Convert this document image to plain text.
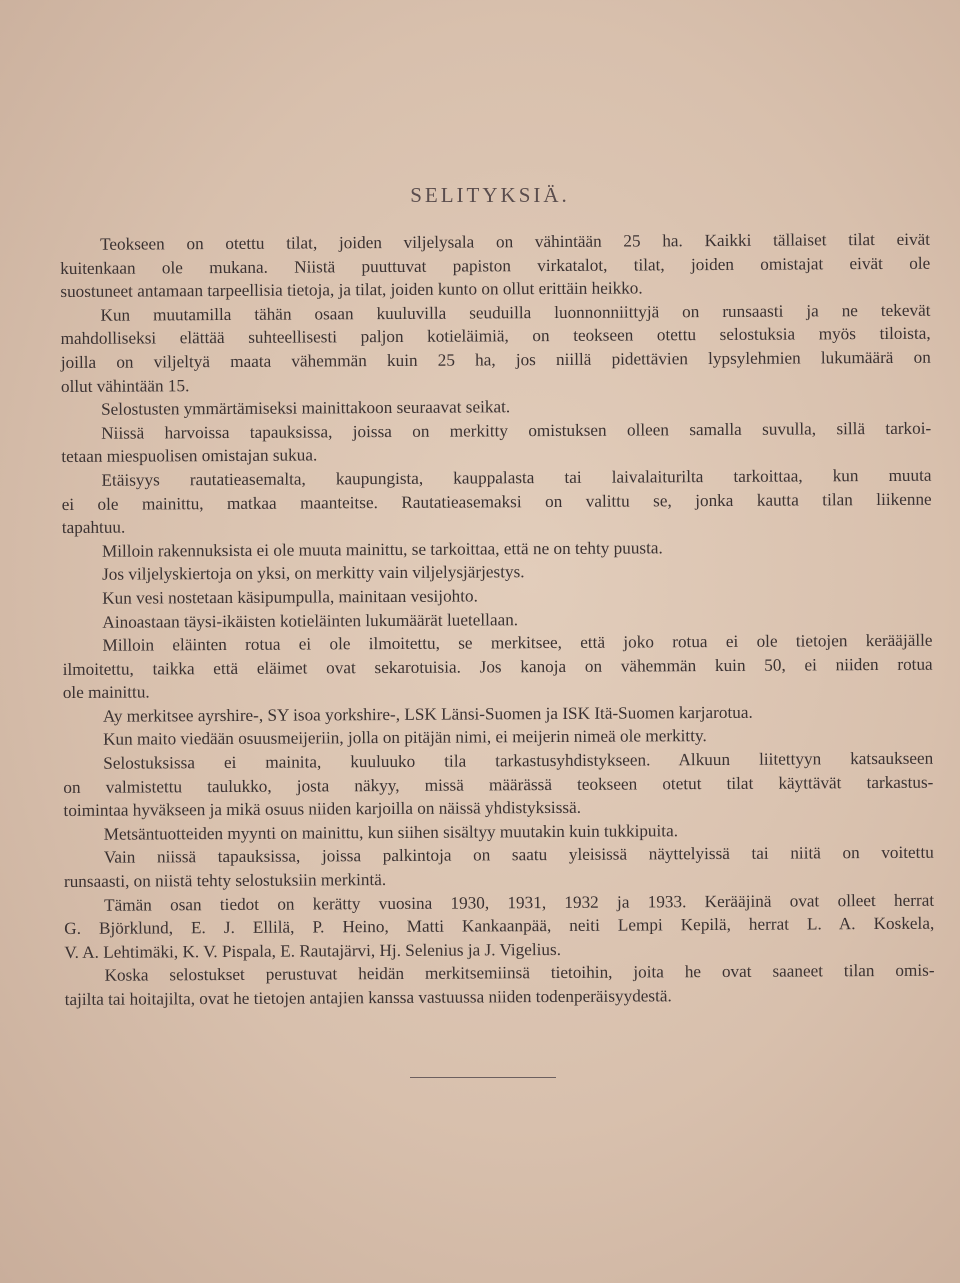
SELITYKSIÄ.
Teokseen on otettu tilat, joiden viljelysala on vähintään 25 ha. Kaikki tällaiset tilat eivät
kuitenkaan ole mukana. Niistä puuttuvat papiston virkatalot, tilat, joiden omistajat eivät ole
suostuneet antamaan tarpeellisia tietoja, ja tilat, joiden kunto on ollut erittäin heikko.
Kun muutamilla tähän osaan kuuluvilla seuduilla luonnonniittyjä on runsaasti ja ne tekevät
mahdolliseksi elättää suhteellisesti paljon kotieläimiä, on teokseen otettu selostuksia myös tiloista,
joilla on viljeltyä maata vähemmän kuin 25 ha, jos niillä pidettävien lypsylehmien lukumäärä on
ollut vähintään 15.
Selostusten ymmärtämiseksi mainittakoon seuraavat seikat.
Niissä harvoissa tapauksissa, joissa on merkitty omistuksen olleen samalla suvulla, sillä tarkoi-
tetaan miespuolisen omistajan sukua.
Etäisyys rautatieasemalta, kaupungista, kauppalasta tai laivalaiturilta tarkoittaa, kun muuta
ei ole mainittu, matkaa maanteitse. Rautatieasemaksi on valittu se, jonka kautta tilan liikenne
tapahtuu.
Milloin rakennuksista ei ole muuta mainittu, se tarkoittaa, että ne on tehty puusta.
Jos viljelyskiertoja on yksi, on merkitty vain viljelysjärjestys.
Kun vesi nostetaan käsipumpulla, mainitaan vesijohto.
Ainoastaan täysi-ikäisten kotieläinten lukumäärät luetellaan.
Milloin eläinten rotua ei ole ilmoitettu, se merkitsee, että joko rotua ei ole tietojen kerääjälle
ilmoitettu, taikka että eläimet ovat sekarotuisia. Jos kanoja on vähemmän kuin 50, ei niiden rotua
ole mainittu.
Ay merkitsee ayrshire-, SY isoa yorkshire-, LSK Länsi-Suomen ja ISK Itä-Suomen karjarotua.
Kun maito viedään osuusmeijeriin, jolla on pitäjän nimi, ei meijerin nimeä ole merkitty.
Selostuksissa ei mainita, kuuluuko tila tarkastusyhdistykseen. Alkuun liitettyyn katsaukseen
on valmistettu taulukko, josta näkyy, missä määrässä teokseen otetut tilat käyttävät tarkastus-
toimintaa hyväkseen ja mikä osuus niiden karjoilla on näissä yhdistyksissä.
Metsäntuotteiden myynti on mainittu, kun siihen sisältyy muutakin kuin tukkipuita.
Vain niissä tapauksissa, joissa palkintoja on saatu yleisissä näyttelyissä tai niitä on voitettu
runsaasti, on niistä tehty selostuksiin merkintä.
Tämän osan tiedot on kerätty vuosina 1930, 1931, 1932 ja 1933. Kerääjinä ovat olleet herrat
G. Björklund, E. J. Ellilä, P. Heino, Matti Kankaanpää, neiti Lempi Kepilä, herrat L. A. Koskela,
V. A. Lehtimäki, K. V. Pispala, E. Rautajärvi, Hj. Selenius ja J. Vigelius.
Koska selostukset perustuvat heidän merkitsemiinsä tietoihin, joita he ovat saaneet tilan omis-
tajilta tai hoitajilta, ovat he tietojen antajien kanssa vastuussa niiden todenperäisyydestä.
